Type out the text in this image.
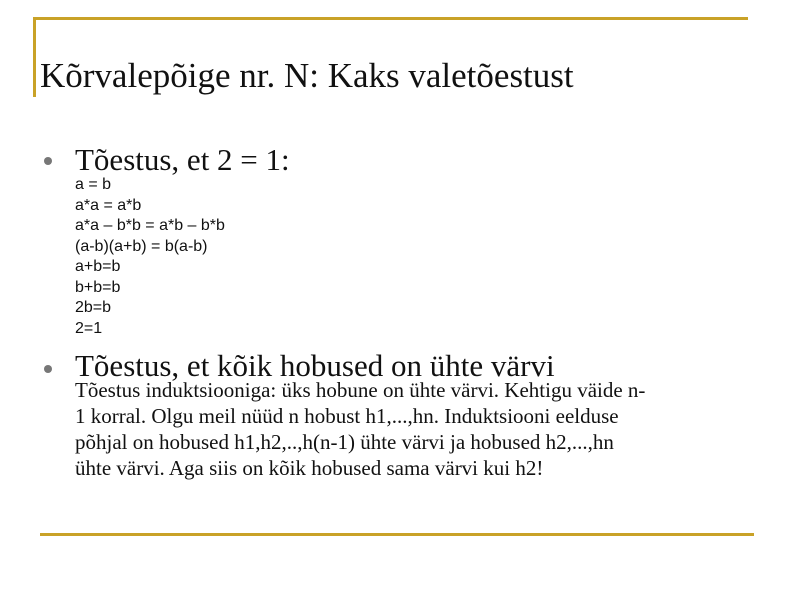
Kõrvalepõige nr. N: Kaks valetõestust
Tõestus, et 2 = 1:
a = b
a*a = a*b
a*a – b*b = a*b – b*b
(a-b)(a+b) = b(a-b)
a+b=b
b+b=b
2b=b
2=1
Tõestus, et kõik hobused on ühte värvi
Tõestus induktsiooniga: üks hobune on ühte värvi. Kehtigu väide n-
1 korral. Olgu meil nüüd n hobust h1,...,hn. Induktsiooni eelduse
põhjal on hobused h1,h2,..,h(n-1) ühte värvi ja hobused h2,...,hn
ühte värvi. Aga siis on kõik hobused sama värvi kui h2!
